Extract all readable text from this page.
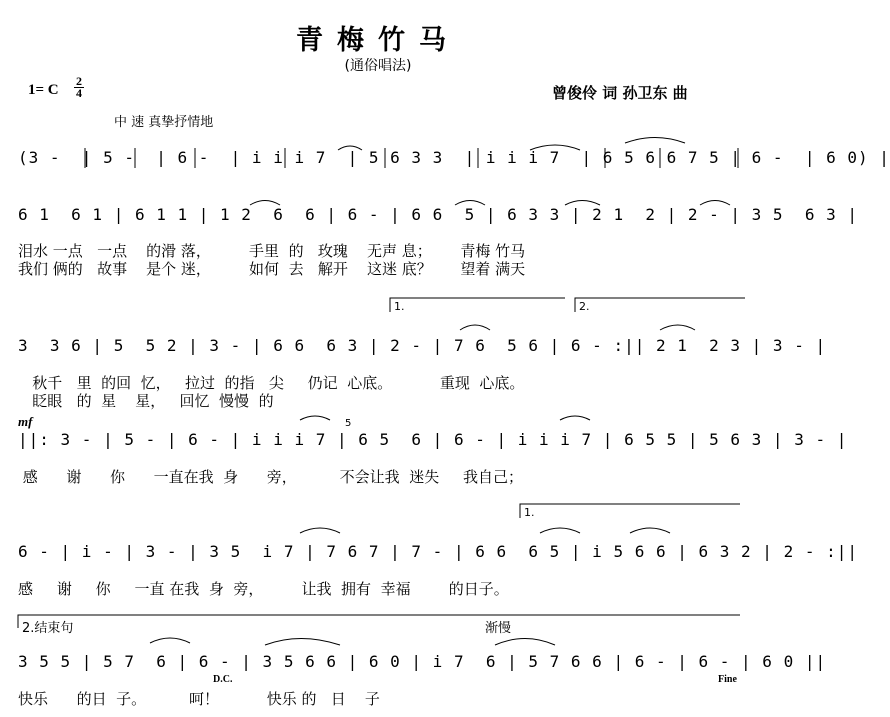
青梅竹马
(通俗唱法)
1= C
2
4	曾俊伶 词 孙卫东 曲
中 速 真挚抒情地
(3 -  | 5 -  | 6 -  | i i i 7  | 5 6 3 3  | i i i 7  | 6 5 6 6 7 5 | 6 -  | 6 0) |
6 1  6 1 | 6 1 1 | 1 2  6  6 | 6 - | 6 6  5 | 6 3 3 | 2 1  2 | 2 - | 3 5  6 3 |
泪水 一点   一点    的滑 落，        手里  的   玫瑰    无声 息；      青梅 竹马
我们 俩的   故事    是个 迷，        如何  去   解开    这迷 底？      望着 满天
1.	2.
3  3 6 | 5  5 2 | 3 - | 6 6  6 3 | 2 - | 7 6  5 6 | 6 - :|| 2 1  2 3 | 3 - |
秋千   里  的回  忆，   拉过  的指   尖     仍记  心底。          重现  心底。
眨眼   的  星    星，   回忆  慢慢  的
mf	5
||: 3 - | 5 - | 6 - | i i i 7 | 6 5  6 | 6 - | i i i 7 | 6 5 5 | 5 6 3 | 3 - |
感      谢      你      一直在我  身      旁，         不会让我  迷失     我自己；
1.
6 - | i - | 3 - | 3 5  i 7 | 7 6 7 | 7 - | 6 6  6 5 | i 5 6 6 | 6 3 2 | 2 - :||
感     谢     你     一直 在我  身  旁，        让我  拥有  幸福        的日子。
2.结束句	渐慢
3 5 5 | 5 7  6 | 6 - | 3 5 6 6 | 6 0 | i 7  6 | 5 7 6 6 | 6 - | 6 - | 6 0 ||
D.C.	Fine
快乐      的日  子。         呵！          快乐 的   日    子
